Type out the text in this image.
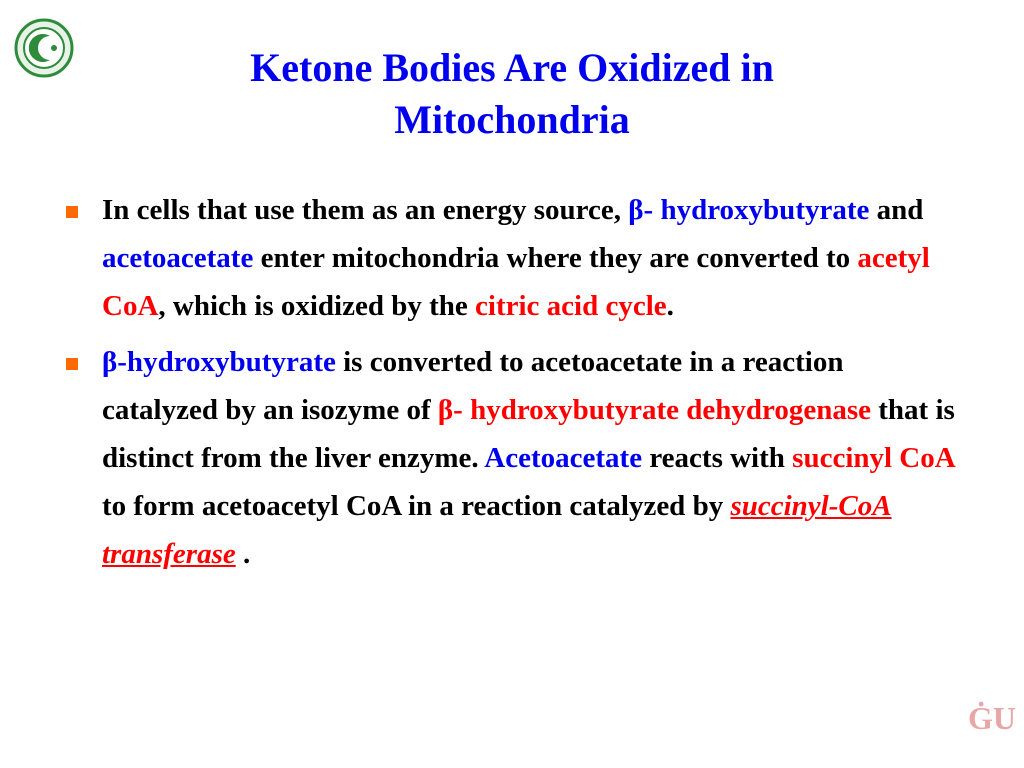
Ketone Bodies Are Oxidized in
Mitochondria
In cells that use them as an energy source, β- hydroxybutyrate and acetoacetate enter mitochondria where they are converted to acetyl CoA, which is oxidized by the citric acid cycle.
β-hydroxybutyrate is converted to acetoacetate in a reaction catalyzed by an isozyme of β- hydroxybutyrate dehydrogenase that is distinct from the liver enzyme. Acetoacetate reacts with succinyl CoA to form acetoacetyl CoA in a reaction catalyzed by succinyl-CoA transferase .
ĠU
